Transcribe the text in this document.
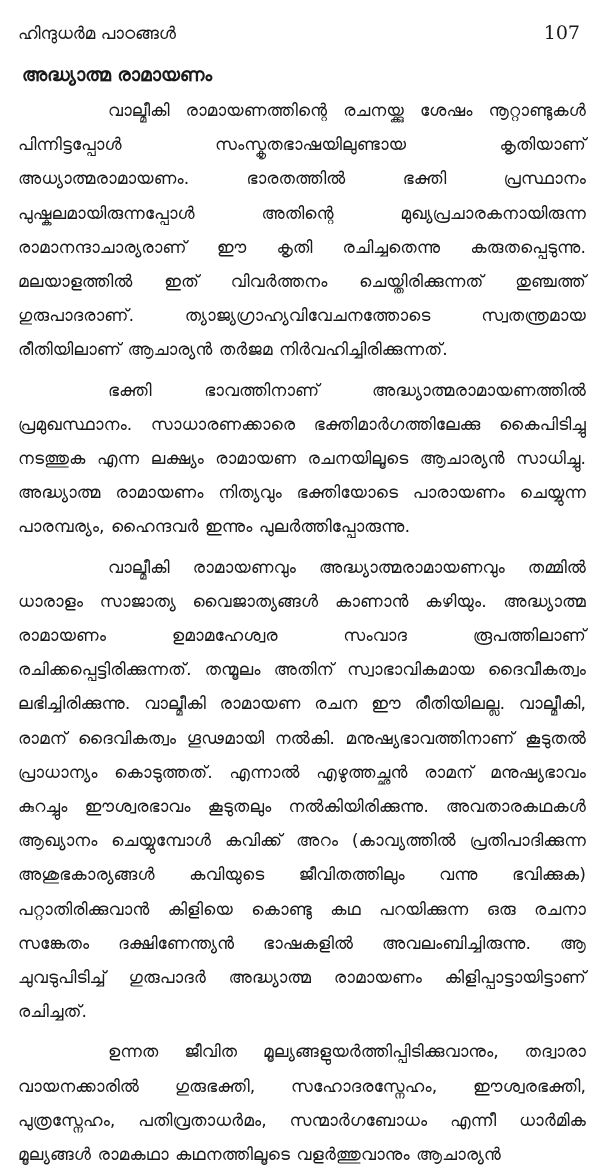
ഹിന്ദുധർമ പാഠങ്ങൾ	107
അദ്ധ്യാത്മ രാമായണം

വാല്മീകി രാമായണത്തിന്റെ രചനയ്ക്കു ശേഷം നൂറ്റാണ്ടുകൾ പിന്നിട്ടപ്പോൾ സംസ്കൃതഭാഷയിലുണ്ടായ കൃതിയാണ് അധ്യാത്മരാമായണം. ഭാരതത്തിൽ ഭക്തി പ്രസ്ഥാനം പുഷ്കലമായിരുന്നപ്പോൾ അതിന്റെ മുഖ്യപ്രചാരകനായിരുന്ന രാമാനന്ദാചാര്യരാണ് ഈ കൃതി രചിച്ചതെന്നു കരുതപ്പെടുന്നു. മലയാളത്തിൽ ഇത് വിവർത്തനം ചെയ്തിരിക്കുന്നത് തുഞ്ചത്ത് ഗുരുപാദരാണ്. ത്യാജ്യഗ്രാഹ്യവിവേചനത്തോടെ സ്വതന്ത്രമായ രീതിയിലാണ് ആചാര്യൻ തർജമ നിർവഹിച്ചിരിക്കുന്നത്.

ഭക്തി ഭാവത്തിനാണ് അദ്ധ്യാത്മരാമായണത്തിൽ പ്രമുഖസ്ഥാനം. സാധാരണക്കാരെ ഭക്തിമാർഗത്തിലേക്കു കൈപിടിച്ചു നടത്തുക എന്ന ലക്ഷ്യം രാമായണ രചനയിലൂടെ ആചാര്യൻ സാധിച്ചു. അദ്ധ്യാത്മ രാമായണം നിത്യവും ഭക്തിയോടെ പാരായണം ചെയ്യുന്ന പാരമ്പര്യം, ഹൈന്ദവർ ഇന്നും പുലർത്തിപ്പോരുന്നു.

വാല്മീകി രാമായണവും അദ്ധ്യാത്മരാമായണവും തമ്മിൽ ധാരാളം സാജാത്യ വൈജാത്യങ്ങൾ കാണാൻ കഴിയും. അദ്ധ്യാത്മ രാമായണം ഉമാമഹേശ്വര സംവാദ രൂപത്തിലാണ് രചിക്കപ്പെട്ടിരിക്കുന്നത്. തന്മൂലം അതിന് സ്വാഭാവികമായ ദൈവീകത്വം ലഭിച്ചിരിക്കുന്നു. വാല്മീകി രാമായണ രചന ഈ രീതിയിലല്ല. വാല്മീകി, രാമന് ദൈവികത്വം ഗൂഢമായി നൽകി. മനുഷ്യഭാവത്തിനാണ് കൂടുതൽ പ്രാധാന്യം കൊടുത്തത്. എന്നാൽ എഴുത്തച്ഛൻ രാമന് മനുഷ്യഭാവം കുറച്ചും ഈശ്വരഭാവം കൂടുതലും നൽകിയിരിക്കുന്നു. അവതാരകഥകൾ ആഖ്യാനം ചെയ്യുമ്പോൾ കവിക്ക് അറം (കാവ്യത്തിൽ പ്രതിപാദിക്കുന്ന അശുഭകാര്യങ്ങൾ കവിയുടെ ജീവിതത്തിലും വന്നു ഭവിക്കുക) പറ്റാതിരിക്കുവാൻ കിളിയെ കൊണ്ടു കഥ പറയിക്കുന്ന ഒരു രചനാ സങ്കേതം ദക്ഷിണേന്ത്യൻ ഭാഷകളിൽ അവലംബിച്ചിരുന്നു. ആ ചുവടുപിടിച്ച് ഗുരുപാദർ അദ്ധ്യാത്മ രാമായണം കിളിപ്പാട്ടായിട്ടാണ് രചിച്ചത്.

ഉന്നത ജീവിത മൂല്യങ്ങളുയർത്തിപ്പിടിക്കുവാനും, തദ്വാരാ വായനക്കാരിൽ ഗുരുഭക്തി, സഹോദരസ്നേഹം, ഈശ്വരഭക്തി, പുത്രസ്നേഹം, പതിവ്രതാധർമം, സന്മാർഗബോധം എന്നീ ധാർമിക മൂല്യങ്ങൾ രാമകഥാ കഥനത്തിലൂടെ വളർത്തുവാനും ആചാര്യൻ
